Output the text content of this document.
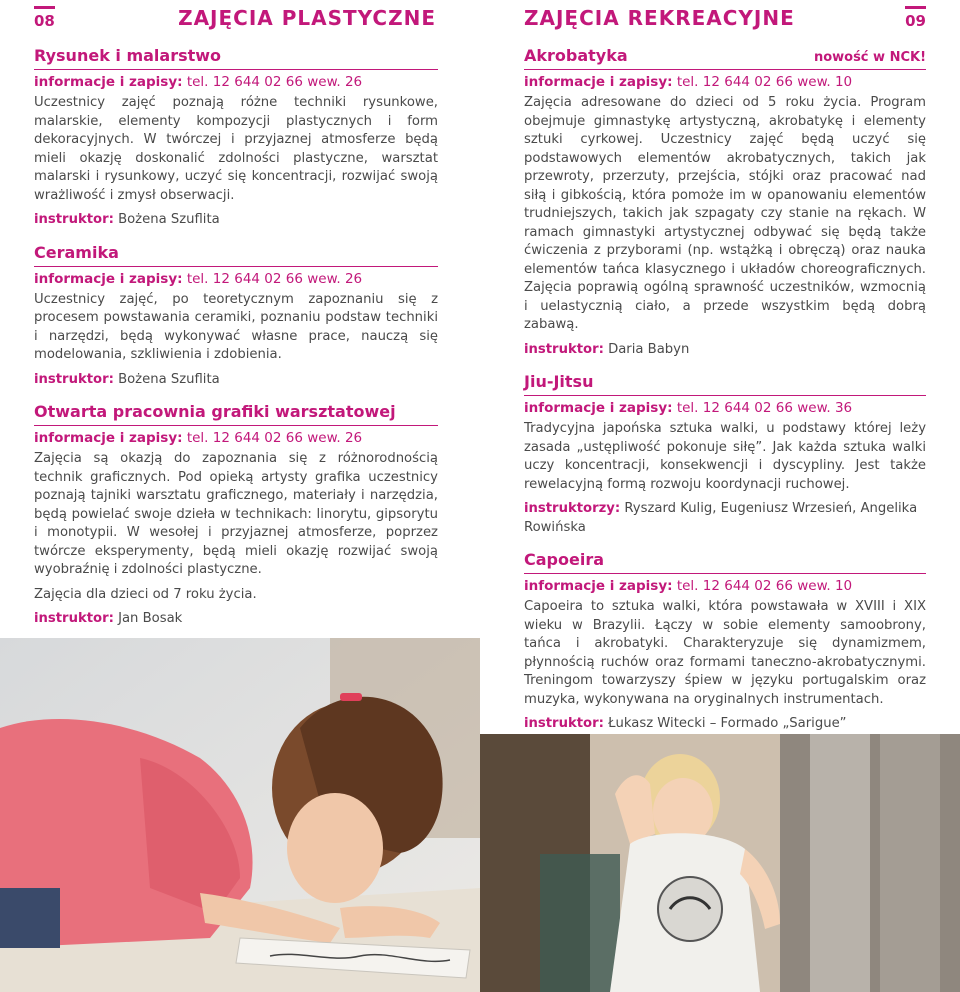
08	ZAJĘCIA PLASTYCZNE
Rysunek i malarstwo
informacje i zapisy: tel. 12 644 02 66 wew. 26

Uczestnicy zajęć poznają różne techniki rysunkowe, malarskie, elementy kompozycji plastycznych i form dekoracyjnych. W twórczej i przyjaznej atmosferze będą mieli okazję doskonalić zdolności plastyczne, warsztat malarski i rysunkowy, uczyć się koncentracji, rozwijać swoją wrażliwość i zmysł obserwacji.

instruktor: Bożena Szuflita
Ceramika
informacje i zapisy: tel. 12 644 02 66 wew. 26

Uczestnicy zajęć, po teoretycznym zapoznaniu się z procesem powstawania ceramiki, poznaniu podstaw techniki i narzędzi, będą wykonywać własne prace, nauczą się modelowania, szkliwienia i zdobienia.

instruktor: Bożena Szuflita
Otwarta pracownia grafiki warsztatowej
informacje i zapisy: tel. 12 644 02 66 wew. 26

Zajęcia są okazją do zapoznania się z różnorodnością technik graficznych. Pod opieką artysty grafika uczestnicy poznają tajniki warsztatu graficznego, materiały i narzędzia, będą powielać swoje dzieła w technikach: linorytu, gipsorytu i monotypii. W wesołej i przyjaznej atmosferze, poprzez twórcze eksperymenty, będą mieli okazję rozwijać swoją wyobraźnię i zdolności plastyczne.

Zajęcia dla dzieci od 7 roku życia.

instruktor: Jan Bosak
09
ZAJĘCIA REKREACYJNE
Akrobatyka	nowość w NCK!
informacje i zapisy: tel. 12 644 02 66 wew. 10

Zajęcia adresowane do dzieci od 5 roku życia. Program obejmuje gimnastykę artystyczną, akrobatykę i elementy sztuki cyrkowej. Uczestnicy zajęć będą uczyć się podstawowych elementów akrobatycznych, takich jak przewroty, przerzuty, przejścia, stójki oraz pracować nad siłą i gibkością, która pomoże im w opanowaniu elementów trudniejszych, takich jak szpagaty czy stanie na rękach. W ramach gimnastyki artystycznej odbywać się będą także ćwiczenia z przyborami (np. wstążką i obręczą) oraz nauka elementów tańca klasycznego i układów choreograficznych. Zajęcia poprawią ogólną sprawność uczestników, wzmocnią i uelastycznią ciało, a przede wszystkim będą dobrą zabawą.

instruktor: Daria Babyn
Jiu-Jitsu
informacje i zapisy: tel. 12 644 02 66 wew. 36

Tradycyjna japońska sztuka walki, u podstawy której leży zasada „ustępliwość pokonuje siłę”. Jak każda sztuka walki uczy koncentracji, konsekwencji i dyscypliny. Jest także rewelacyjną formą rozwoju koordynacji ruchowej.

instruktorzy: Ryszard Kulig, Eugeniusz Wrzesień, Angelika Rowińska
Capoeira
informacje i zapisy: tel. 12 644 02 66 wew. 10

Capoeira to sztuka walki, która powstawała w XVIII i XIX wieku w Brazylii. Łączy w sobie elementy samoobrony, tańca i akrobatyki. Charakteryzuje się dynamizmem, płynnością ruchów oraz formami taneczno-akrobatycznymi. Treningom towarzyszy śpiew w języku portugalskim oraz muzyka, wykonywana na oryginalnych instrumentach.

instruktor: Łukasz Witecki – Formado „Sarigue”
